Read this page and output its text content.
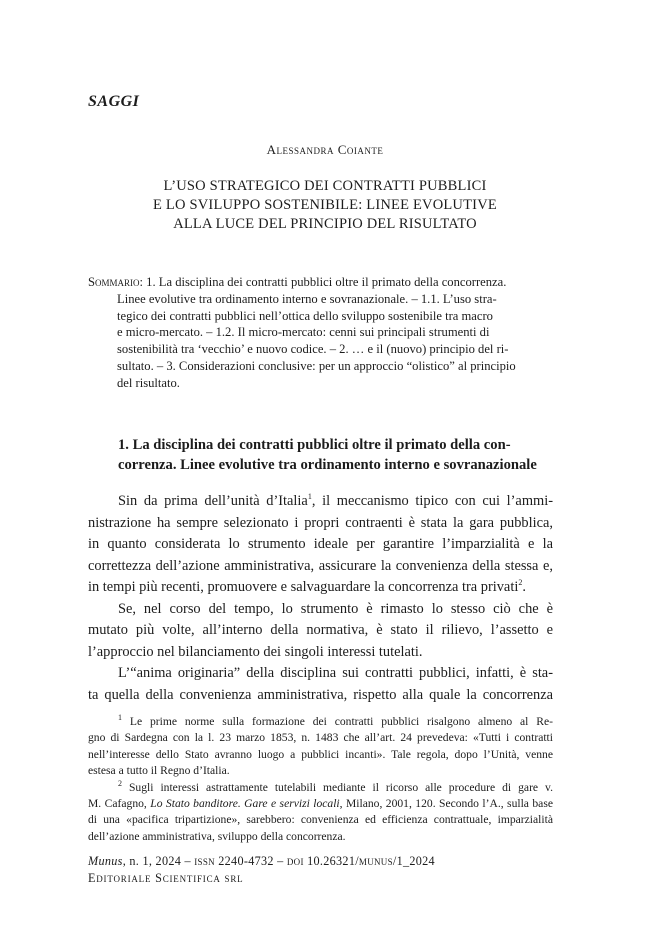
SAGGI
Alessandra Coiante
L’USO STRATEGICO DEI CONTRATTI PUBBLICI
E LO SVILUPPO SOSTENIBILE: LINEE EVOLUTIVE
ALLA LUCE DEL PRINCIPIO DEL RISULTATO
Sommario: 1. La disciplina dei contratti pubblici oltre il primato della concorrenza.
Linee evolutive tra ordinamento interno e sovranazionale. – 1.1. L’uso stra-
tegico dei contratti pubblici nell’ottica dello sviluppo sostenibile tra macro
e micro-mercato. – 1.2. Il micro-mercato: cenni sui principali strumenti di
sostenibilità tra ‘vecchio’ e nuovo codice. – 2. … e il (nuovo) principio del ri-
sultato. – 3. Considerazioni conclusive: per un approccio “olistico” al principio
del risultato.
1. La disciplina dei contratti pubblici oltre il primato della con-
correnza. Linee evolutive tra ordinamento interno e sovranazionale
Sin da prima dell’unità d’Italia$^1$, il meccanismo tipico con cui l’ammi-
nistrazione ha sempre selezionato i propri contraenti è stata la gara pubblica,
in quanto considerata lo strumento ideale per garantire l’imparzialità e la
correttezza dell’azione amministrativa, assicurare la convenienza della stessa e,
in tempi più recenti, promuovere e salvaguardare la concorrenza tra privati$^2$.
Se, nel corso del tempo, lo strumento è rimasto lo stesso ciò che è
mutato più volte, all’interno della normativa, è stato il rilievo, l’assetto e
l’approccio nel bilanciamento dei singoli interessi tutelati.
L’“anima originaria” della disciplina sui contratti pubblici, infatti, è sta-
ta quella della convenienza amministrativa, rispetto alla quale la concorrenza
$^1$ Le prime norme sulla formazione dei contratti pubblici risalgono almeno al Re-
gno di Sardegna con la l. 23 marzo 1853, n. 1483 che all’art. 24 prevedeva: «Tutti i contratti
nell’interesse dello Stato avranno luogo a pubblici incanti». Tale regola, dopo l’Unità, venne
estesa a tutto il Regno d’Italia.
$^2$ Sugli interessi astrattamente tutelabili mediante il ricorso alle procedure di gare v.
M. Cafagno, Lo Stato banditore. Gare e servizi locali, Milano, 2001, 120. Secondo l’A., sulla base
di una «pacifica tripartizione», sarebbero: convenienza ed efficienza contrattuale, imparzialità
dell’azione amministrativa, sviluppo della concorrenza.
Munus, n. 1, 2024 – issn 2240-4732 – doi 10.26321/munus/1_2024
Editoriale Scientifica srl
